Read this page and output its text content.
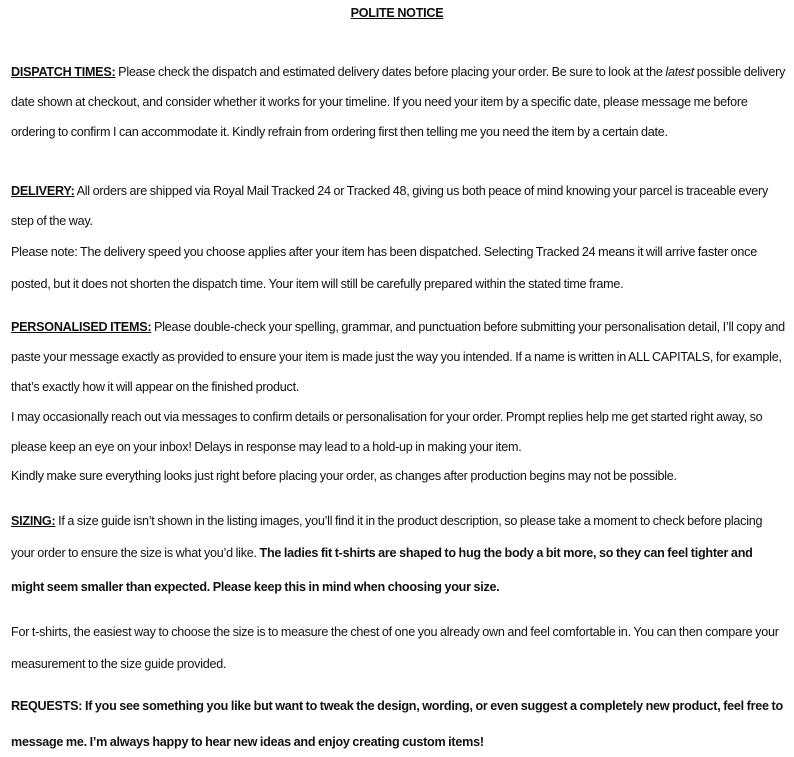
POLITE NOTICE
DISPATCH TIMES: Please check the dispatch and estimated delivery dates before placing your order. Be sure to look at the latest possible delivery
date shown at checkout, and consider whether it works for your timeline. If you need your item by a specific date, please message me before
ordering to confirm I can accommodate it. Kindly refrain from ordering first then telling me you need the item by a certain date.
DELIVERY: All orders are shipped via Royal Mail Tracked 24 or Tracked 48, giving us both peace of mind knowing your parcel is traceable every
step of the way.
Please note: The delivery speed you choose applies after your item has been dispatched. Selecting Tracked 24 means it will arrive faster once
posted, but it does not shorten the dispatch time. Your item will still be carefully prepared within the stated time frame.
PERSONALISED ITEMS: Please double-check your spelling, grammar, and punctuation before submitting your personalisation detail, I’ll copy and
paste your message exactly as provided to ensure your item is made just the way you intended. If a name is written in ALL CAPITALS, for example,
that’s exactly how it will appear on the finished product.
I may occasionally reach out via messages to confirm details or personalisation for your order. Prompt replies help me get started right away, so
please keep an eye on your inbox! Delays in response may lead to a hold-up in making your item.
Kindly make sure everything looks just right before placing your order, as changes after production begins may not be possible.
SIZING: If a size guide isn’t shown in the listing images, you’ll find it in the product description, so please take a moment to check before placing
your order to ensure the size is what you’d like. The ladies fit t-shirts are shaped to hug the body a bit more, so they can feel tighter and
might seem smaller than expected. Please keep this in mind when choosing your size.
For t-shirts, the easiest way to choose the size is to measure the chest of one you already own and feel comfortable in. You can then compare your
measurement to the size guide provided.
REQUESTS: If you see something you like but want to tweak the design, wording, or even suggest a completely new product, feel free to
message me. I’m always happy to hear new ideas and enjoy creating custom items!
